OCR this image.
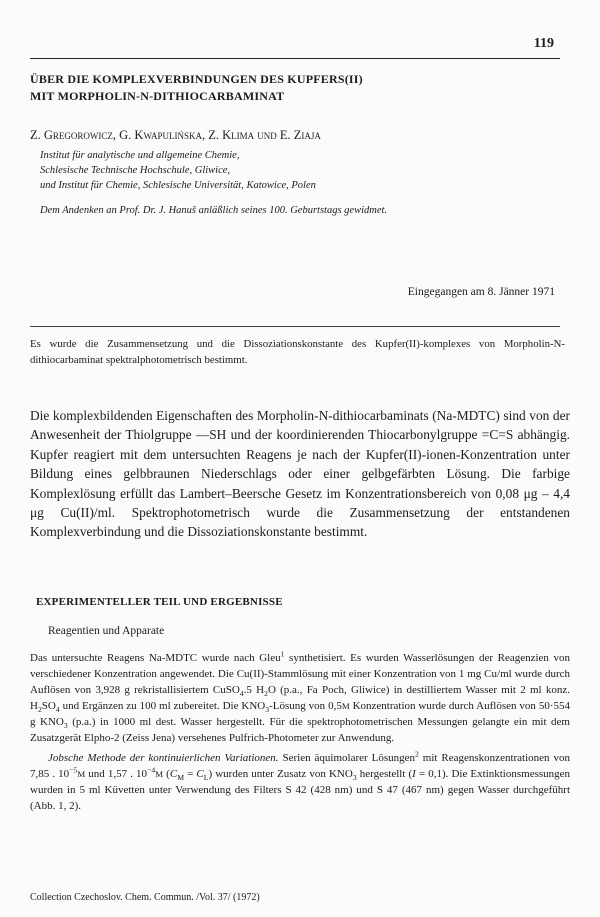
119
ÜBER DIE KOMPLEXVERBINDUNGEN DES KUPFERS(II)
MIT MORPHOLIN-N-DITHIOCARBAMINAT
Z. Gregorowicz, G. Kwapulińska, Z. Klima und E. Ziaja
Institut für analytische und allgemeine Chemie,
Schlesische Technische Hochschule, Gliwice,
und Institut für Chemie, Schlesische Universität, Katowice, Polen
Dem Andenken an Prof. Dr. J. Hanuš anläßlich seines 100. Geburtstags gewidmet.
Eingegangen am 8. Jänner 1971
Es wurde die Zusammensetzung und die Dissoziationskonstante des Kupfer(II)-komplexes von Morpholin-N-dithiocarbaminat spektralphotometrisch bestimmt.
Die komplexbildenden Eigenschaften des Morpholin-N-dithiocarbaminats (Na-MDTC) sind von der Anwesenheit der Thiolgruppe —SH und der koordinierenden Thiocarbonylgruppe =C=S abhängig. Kupfer reagiert mit dem untersuchten Reagens je nach der Kupfer(II)-ionen-Konzentration unter Bildung eines gelbbraunen Niederschlags oder einer gelbgefärbten Lösung. Die farbige Komplexlösung erfüllt das Lambert–Beersche Gesetz im Konzentrationsbereich von 0,08 μg – 4,4 μg Cu(II)/ml. Spektrophotometrisch wurde die Zusammensetzung der entstandenen Komplexverbindung und die Dissoziationskonstante bestimmt.
EXPERIMENTELLER TEIL UND ERGEBNISSE
Reagentien und Apparate

Das untersuchte Reagens Na-MDTC wurde nach Gleu$^1$ synthetisiert. Es wurden Wasserlösungen der Reagenzien von verschiedener Konzentration angewendet. Die Cu(II)-Stammlösung mit einer Konzentration von 1 mg Cu/ml wurde durch Auflösen von 3,928 g rekristallisiertem CuSO$_4$.5 $H_2O$ (p.a., Fa Poch, Gliwice) in destilliertem Wasser mit 2 ml konz. $H_2SO_4$ und Ergänzen zu 100 ml zubereitet. Die $KNO_3$-Lösung von 0,5M Konzentration wurde durch Auflösen von 50·554 g $KNO_3$ (p.a.) in 1000 ml dest. Wasser hergestellt. Für die spektrophotometrischen Messungen gelangte ein mit dem Zusatzgerät Elpho-2 (Zeiss Jena) versehenes Pulfrich-Photometer zur Anwendung.

Jobsche Methode der kontinuierlichen Variationen. Serien äquimolarer Lösungen$^2$ mit Reagenskonzentrationen von 7,85 . $10^{-5}M$ und 1,57 . $10^{-4}M$ $(C_M = C_L)$ wurden unter Zusatz von $KNO_3$ hergestellt (I = 0,1). Die Extinktionsmessungen wurden in 5 ml Küvetten unter Verwendung des Filters S 42 (428 nm) und S 47 (467 nm) gegen Wasser durchgeführt (Abb. 1, 2).

Collection Czechoslov. Chem. Commun. /Vol. 37/ (1972)
